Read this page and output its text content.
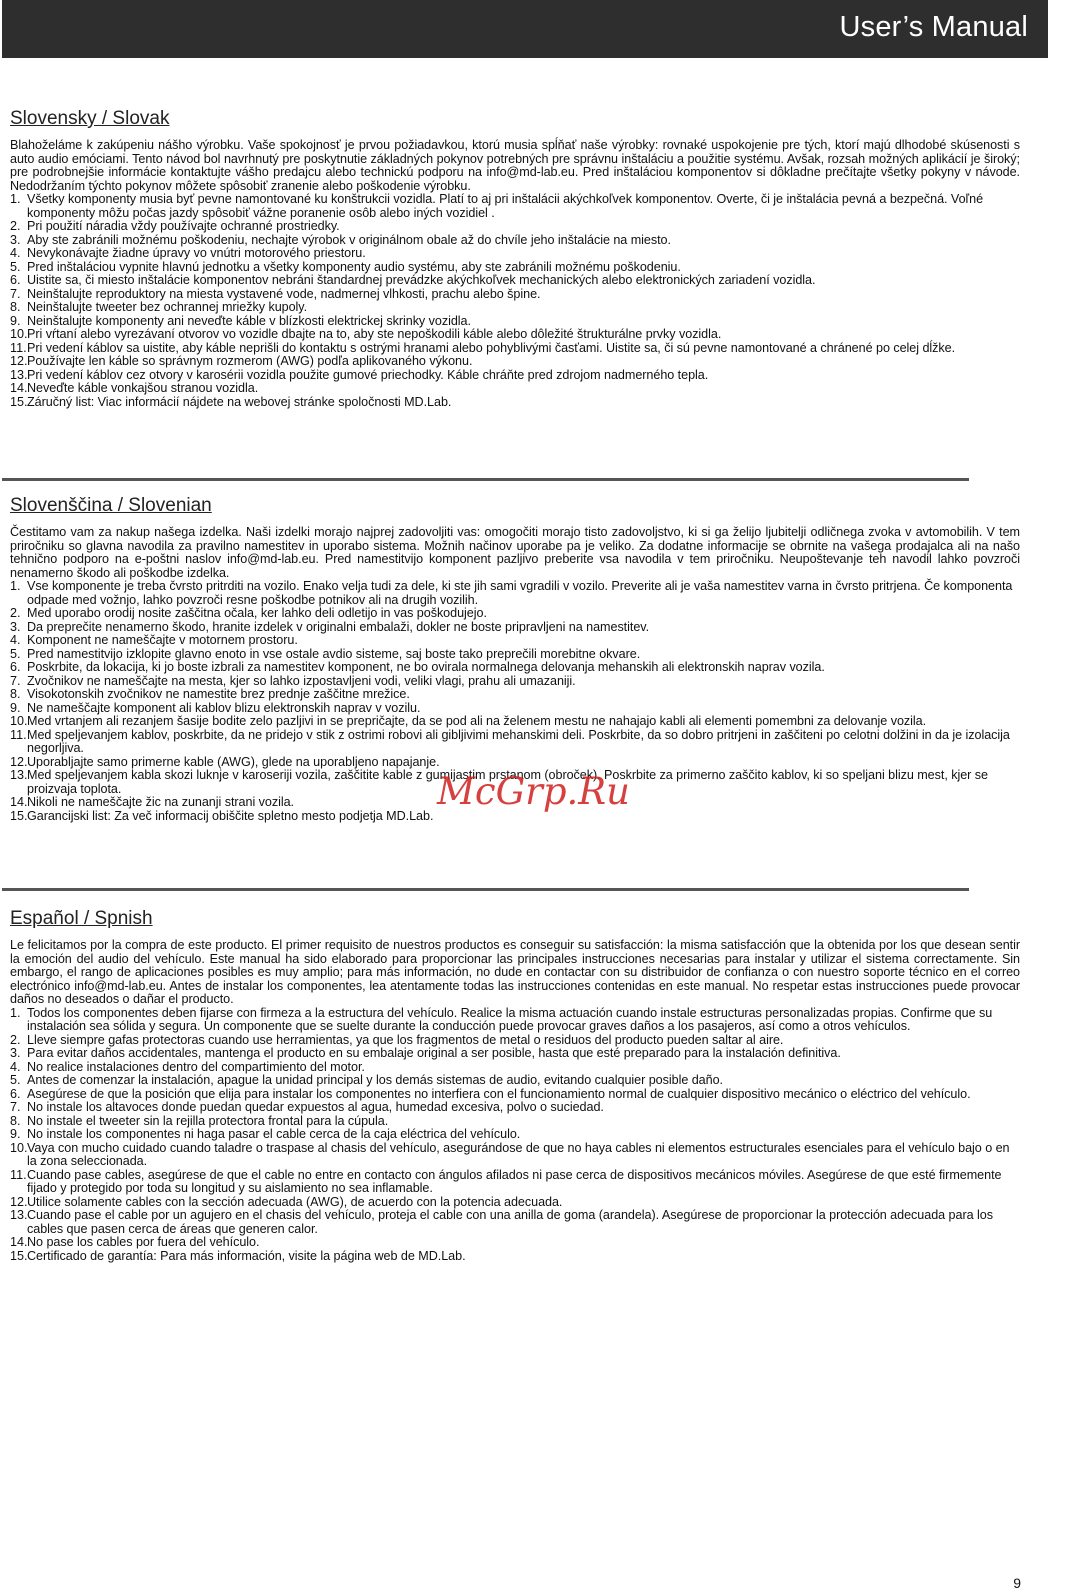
User’s Manual
Slovensky / Slovak
Blahoželáme k zakúpeniu nášho výrobku. Vaše spokojnosť je prvou požiadavkou, ktorú musia spĺňať naše výrobky: rovnaké uspokojenie pre tých, ktorí majú dlhodobé skúsenosti s auto audio emóciami. Tento návod bol navrhnutý pre poskytnutie základných pokynov potrebných pre správnu inštaláciu a použitie systému. Avšak, rozsah možných aplikácií je široký; pre podrobnejšie informácie kontaktujte vášho predajcu alebo technickú podporu na info@md-lab.eu. Pred inštaláciou komponentov si dôkladne prečítajte všetky pokyny v návode. Nedodržaním týchto pokynov môžete spôsobiť zranenie alebo poškodenie výrobku.
1. Všetky komponenty musia byť pevne namontované ku konštrukcii vozidla. Platí to aj pri inštalácii akýchkoľvek komponentov. Overte, či je inštalácia pevná a bezpečná. Voľné komponenty môžu počas jazdy spôsobiť vážne poranenie osôb alebo iných vozidiel .
2. Pri použití náradia vždy používajte ochranné prostriedky.
3. Aby ste zabránili možnému poškodeniu, nechajte výrobok v originálnom obale až do chvíle jeho inštalácie na miesto.
4. Nevykonávajte žiadne úpravy vo vnútri motorového priestoru.
5. Pred inštaláciou vypnite hlavnú jednotku a všetky komponenty audio systému, aby ste zabránili možnému poškodeniu.
6. Uistite sa, či miesto inštalácie komponentov nebráni štandardnej prevádzke akýchkoľvek mechanických alebo elektronických zariadení vozidla.
7. Neinštalujte reproduktory na miesta vystavené vode, nadmernej vlhkosti, prachu alebo špine.
8. Neinštalujte tweeter bez ochrannej mriežky kupoly.
9. Neinštalujte komponenty ani neveďte káble v blízkosti elektrickej skrinky vozidla.
10. Pri vŕtaní alebo vyrezávaní otvorov vo vozidle dbajte na to, aby ste nepoškodili káble alebo dôležité štrukturálne prvky vozidla.
11. Pri vedení káblov sa uistite, aby káble neprišli do kontaktu s ostrými hranami alebo pohyblivými časťami. Uistite sa, či sú pevne namontované a chránené po celej dĺžke.
12. Používajte len káble so správnym rozmerom (AWG) podľa aplikovaného výkonu.
13. Pri vedení káblov cez otvory v karosérii vozidla použite gumové priechodky. Káble chráňte pred zdrojom nadmerného tepla.
14. Neveďte káble vonkajšou stranou vozidla.
15. Záručný list: Viac informácií nájdete na webovej stránke spoločnosti MD.Lab.
Slovenščina / Slovenian
Čestitamo vam za nakup našega izdelka. Naši izdelki morajo najprej zadovoljiti vas: omogočiti morajo tisto zadovoljstvo, ki si ga želijo ljubitelji odličnega zvoka v avtomobilih. V tem priročniku so glavna navodila za pravilno namestitev in uporabo sistema. Možnih načinov uporabe pa je veliko. Za dodatne informacije se obrnite na vašega prodajalca ali na našo tehnično podporo na e-poštni naslov info@md-lab.eu. Pred namestitvijo komponent pazljivo preberite vsa navodila v tem priročniku. Neupoštevanje teh navodil lahko povzroči nenamerno škodo ali poškodbe izdelka.
1. Vse komponente je treba čvrsto pritrditi na vozilo. Enako velja tudi za dele, ki ste jih sami vgradili v vozilo. Preverite ali je vaša namestitev varna in čvrsto pritrjena. Če komponenta odpade med vožnjo, lahko povzroči resne poškodbe potnikov ali na drugih vozilih.
2. Med uporabo orodij nosite zaščitna očala, ker lahko deli odletijo in vas poškodujejo.
3. Da preprečite nenamerno škodo, hranite izdelek v originalni embalaži, dokler ne boste pripravljeni na namestitev.
4. Komponent ne nameščajte v motornem prostoru.
5. Pred namestitvijo izklopite glavno enoto in vse ostale avdio sisteme, saj boste tako preprečili morebitne okvare.
6. Poskrbite, da lokacija, ki jo boste izbrali za namestitev komponent, ne bo ovirala normalnega delovanja mehanskih ali elektronskih naprav vozila.
7. Zvočnikov ne nameščajte na mesta, kjer so lahko izpostavljeni vodi, veliki vlagi, prahu ali umazaniji.
8. Visokotonskih zvočnikov ne namestite brez prednje zaščitne mrežice.
9. Ne nameščajte komponent ali kablov blizu elektronskih naprav v vozilu.
10. Med vrtanjem ali rezanjem šasije bodite zelo pazljivi in se prepričajte, da se pod ali na želenem mestu ne nahajajo kabli ali elementi pomembni za delovanje vozila.
11. Med speljevanjem kablov, poskrbite, da ne pridejo v stik z ostrimi robovi ali gibljivimi mehanskimi deli. Poskrbite, da so dobro pritrjeni in zaščiteni po celotni dolžini in da je izolacija negorljiva.
12. Uporabljajte samo primerne kable (AWG), glede na uporabljeno napajanje.
13. Med speljevanjem kabla skozi luknje v karoseriji vozila, zaščitite kable z gumijastim prstanom (obroček). Poskrbite za primerno zaščito kablov, ki so speljani blizu mest, kjer se proizvaja toplota.
14. Nikoli ne nameščajte žic na zunanji strani vozila.
15. Garancijski list: Za več informacij obiščite spletno mesto podjetja MD.Lab.
Español / Spnish
Le felicitamos por la compra de este producto. El primer requisito de nuestros productos es conseguir su satisfacción: la misma satisfacción que la obtenida por los que desean sentir la emoción del audio del vehículo. Este manual ha sido elaborado para proporcionar las principales instrucciones necesarias para instalar y utilizar el sistema correctamente. Sin embargo, el rango de aplicaciones posibles es muy amplio; para más información, no dude en contactar con su distribuidor de confianza o con nuestro soporte técnico en el correo electrónico info@md-lab.eu. Antes de instalar los componentes, lea atentamente todas las instrucciones contenidas en este manual. No respetar estas instrucciones puede provocar daños no deseados o dañar el producto.
1. Todos los componentes deben fijarse con firmeza a la estructura del vehículo. Realice la misma actuación cuando instale estructuras personalizadas propias. Confirme que su instalación sea sólida y segura. Un componente que se suelte durante la conducción puede provocar graves daños a los pasajeros, así como a otros vehículos.
2. Lleve siempre gafas protectoras cuando use herramientas, ya que los fragmentos de metal o residuos del producto pueden saltar al aire.
3. Para evitar daños accidentales, mantenga el producto en su embalaje original a ser posible, hasta que esté preparado para la instalación definitiva.
4. No realice instalaciones dentro del compartimiento del motor.
5. Antes de comenzar la instalación, apague la unidad principal y los demás sistemas de audio, evitando cualquier posible daño.
6. Asegúrese de que la posición que elija para instalar los componentes no interfiera con el funcionamiento normal de cualquier dispositivo mecánico o eléctrico del vehículo.
7. No instale los altavoces donde puedan quedar expuestos al agua, humedad excesiva, polvo o suciedad.
8. No instale el tweeter sin la rejilla protectora frontal para la cúpula.
9. No instale los componentes ni haga pasar el cable cerca de la caja eléctrica del vehículo.
10. Vaya con mucho cuidado cuando taladre o traspase al chasis del vehículo, asegurándose de que no haya cables ni elementos estructurales esenciales para el vehículo bajo o en la zona seleccionada.
11. Cuando pase cables, asegúrese de que el cable no entre en contacto con ángulos afilados ni pase cerca de dispositivos mecánicos móviles. Asegúrese de que esté firmemente fijado y protegido por toda su longitud y su aislamiento no sea inflamable.
12. Utilice solamente cables con la sección adecuada (AWG), de acuerdo con la potencia adecuada.
13. Cuando pase el cable por un agujero en el chasis del vehículo, proteja el cable con una anilla de goma (arandela). Asegúrese de proporcionar la protección adecuada para los cables que pasen cerca de áreas que generen calor.
14. No pase los cables por fuera del vehículo.
15. Certificado de garantía: Para más información, visite la página web de MD.Lab.
McGrp.Ru
9
